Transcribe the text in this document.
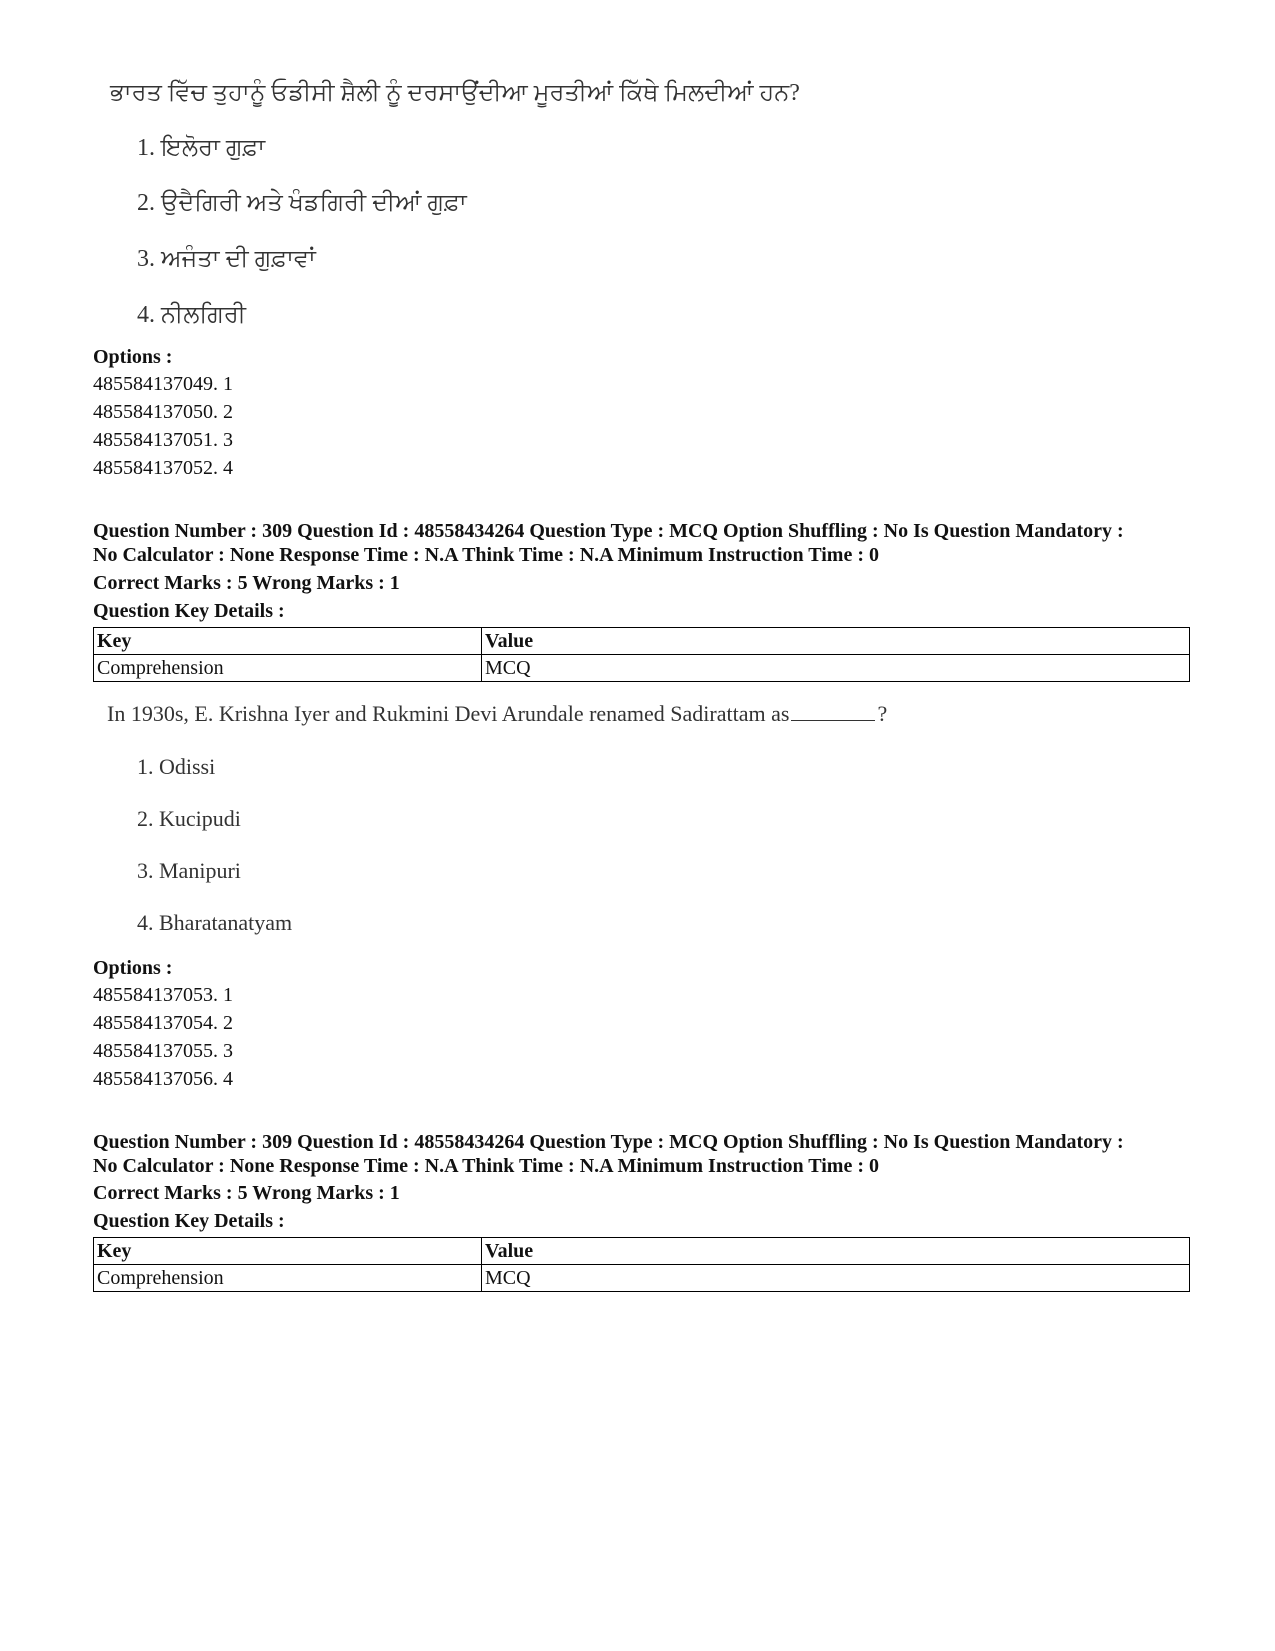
ਭਾਰਤ ਵਿੱਚ ਤੁਹਾਨੂੰ ਓਡੀਸੀ ਸ਼ੈਲੀ ਨੂੰ ਦਰਸਾਉਂਦੀਆ ਮੂਰਤੀਆਂ ਕਿੱਥੇ ਮਿਲਦੀਆਂ ਹਨ?
1. ਇਲੋਰਾ ਗੁਫ਼ਾ
2. ਉਦੈਗਿਰੀ ਅਤੇ ਖੰਡਗਿਰੀ ਦੀਆਂ ਗੁਫ਼ਾ
3. ਅਜੰਤਾ ਦੀ ਗੁਫ਼ਾਵਾਂ
4. ਨੀਲਗਿਰੀ
Options :
485584137049. 1
485584137050. 2
485584137051. 3
485584137052. 4
Question Number : 309 Question Id : 48558434264 Question Type : MCQ Option Shuffling : No Is Question Mandatory :
No Calculator : None Response Time : N.A Think Time : N.A Minimum Instruction Time : 0
Correct Marks : 5 Wrong Marks : 1
Question Key Details :
Key	Value
Comprehension	MCQ
In 1930s, E. Krishna Iyer and Rukmini Devi Arundale renamed Sadirattam as	?
1. Odissi
2. Kucipudi
3. Manipuri
4. Bharatanatyam
Options :
485584137053. 1
485584137054. 2
485584137055. 3
485584137056. 4
Question Number : 309 Question Id : 48558434264 Question Type : MCQ Option Shuffling : No Is Question Mandatory :
No Calculator : None Response Time : N.A Think Time : N.A Minimum Instruction Time : 0
Correct Marks : 5 Wrong Marks : 1
Question Key Details :
Key	Value
Comprehension	MCQ
